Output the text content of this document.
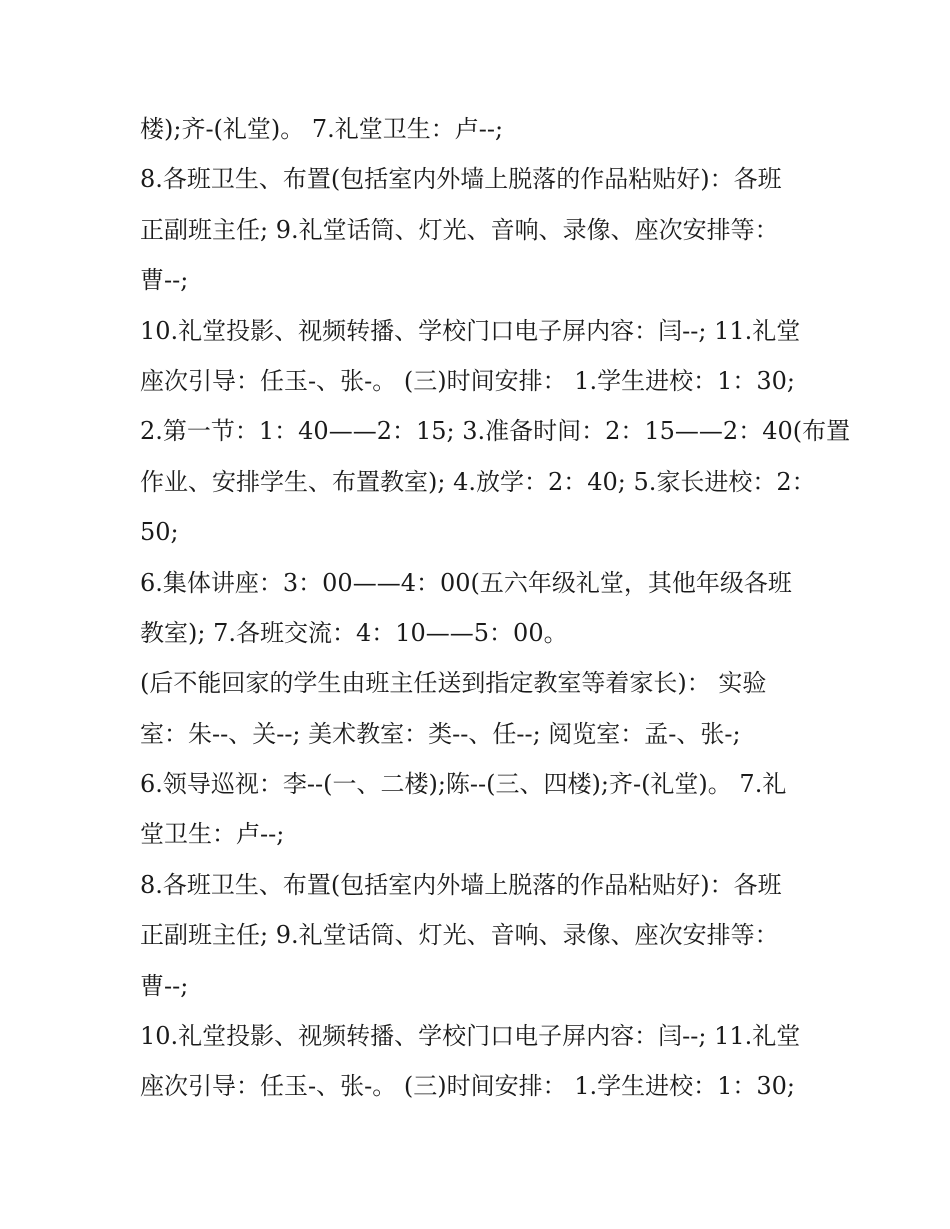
楼);齐-(礼堂)。 7.礼堂卫生：卢--;
8.各班卫生、布置(包括室内外墙上脱落的作品粘贴好)：各班
正副班主任; 9.礼堂话筒、灯光、音响、录像、座次安排等：
曹--;
10.礼堂投影、视频转播、学校门口电子屏内容：闫--; 11.礼堂
座次引导：任玉-、张-。 (三)时间安排： 1.学生进校：1：30;
2.第一节：1：40——2：15; 3.准备时间：2：15——2：40(布置
作业、安排学生、布置教室); 4.放学：2：40; 5.家长进校：2：
50;
6.集体讲座：3：00——4：00(五六年级礼堂，其他年级各班
教室); 7.各班交流：4：10——5：00。
(后不能回家的学生由班主任送到指定教室等着家长)： 实验
室：朱--、关--; 美术教室：类--、任--; 阅览室：孟-、张-;
6.领导巡视：李--(一、二楼);陈--(三、四楼);齐-(礼堂)。 7.礼
堂卫生：卢--;
8.各班卫生、布置(包括室内外墙上脱落的作品粘贴好)：各班
正副班主任; 9.礼堂话筒、灯光、音响、录像、座次安排等：
曹--;
10.礼堂投影、视频转播、学校门口电子屏内容：闫--; 11.礼堂
座次引导：任玉-、张-。 (三)时间安排： 1.学生进校：1：30;
